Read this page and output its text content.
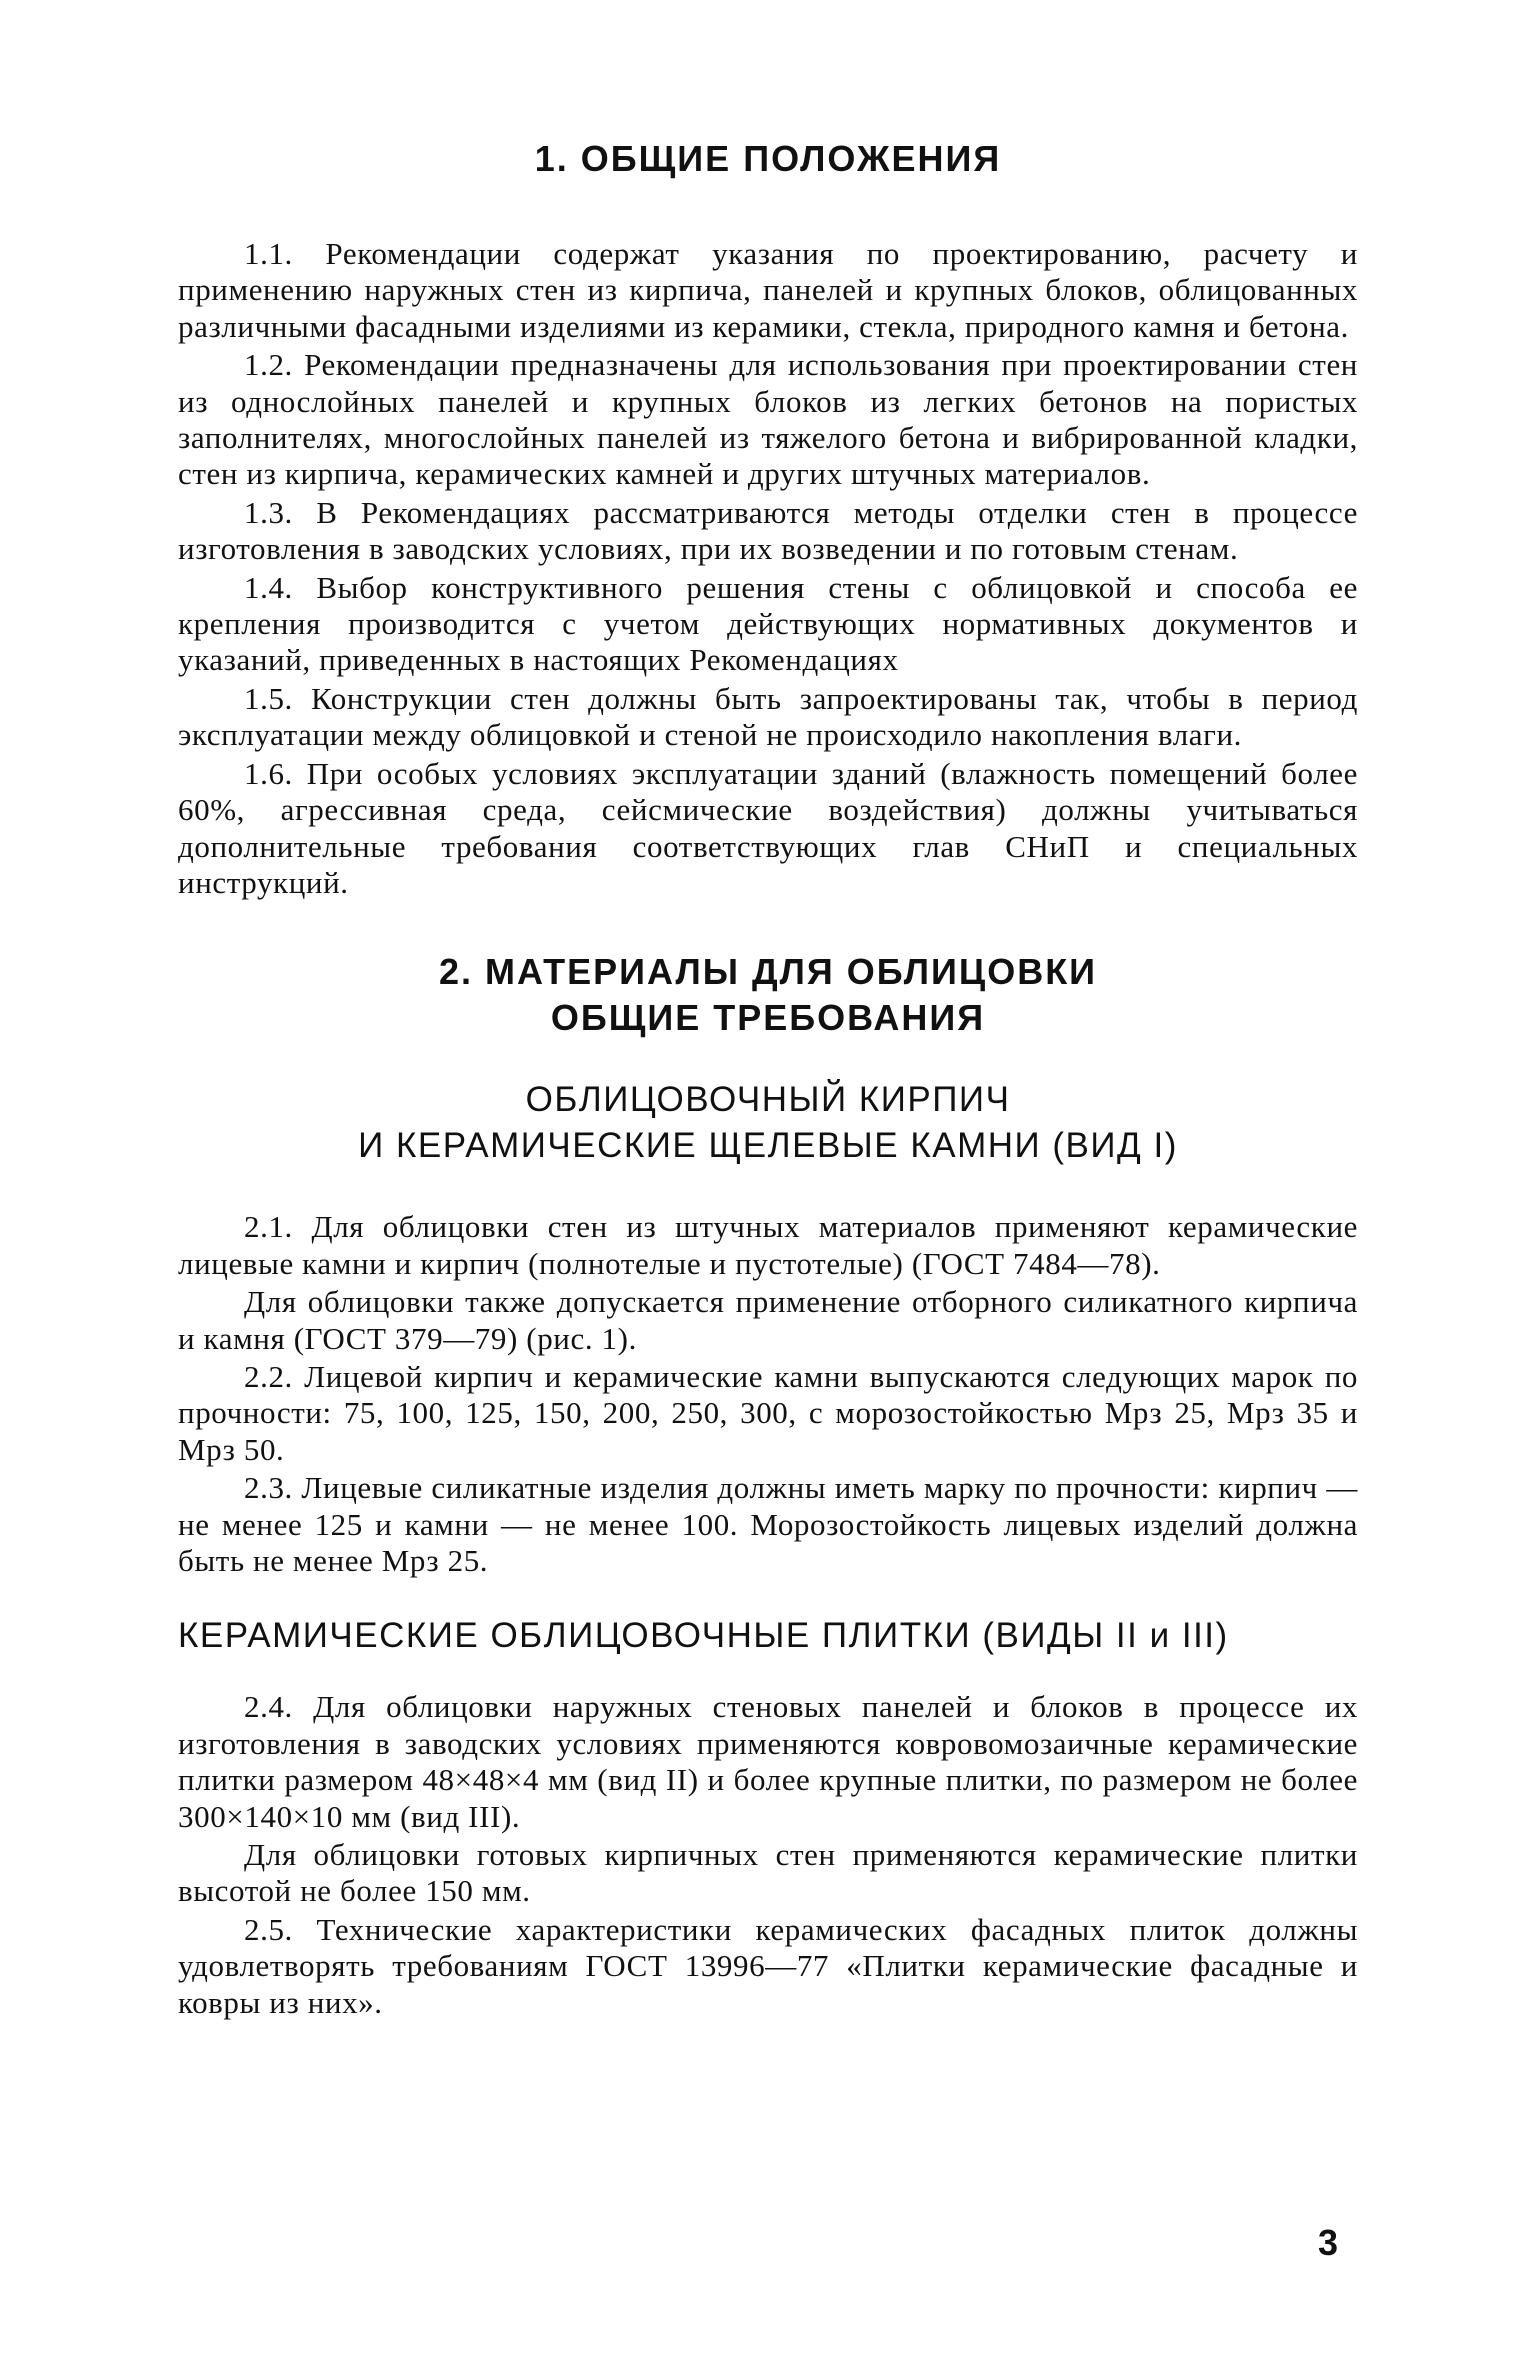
1. ОБЩИЕ ПОЛОЖЕНИЯ

1.1. Рекомендации содержат указания по проектированию, расчету и применению наружных стен из кирпича, панелей и крупных блоков, облицованных различными фасадными изделиями из керамики, стекла, природного камня и бетона.

1.2. Рекомендации предназначены для использования при проектировании стен из однослойных панелей и крупных блоков из легких бетонов на пористых заполнителях, многослойных панелей из тяжелого бетона и вибрированной кладки, стен из кирпича, керамических камней и других штучных материалов.

1.3. В Рекомендациях рассматриваются методы отделки стен в процессе изготовления в заводских условиях, при их возведении и по готовым стенам.

1.4. Выбор конструктивного решения стены с облицовкой и способа ее крепления производится с учетом действующих нормативных документов и указаний, приведенных в настоящих Рекомендациях

1.5. Конструкции стен должны быть запроектированы так, чтобы в период эксплуатации между облицовкой и стеной не происходило накопления влаги.

1.6. При особых условиях эксплуатации зданий (влажность помещений более 60%, агрессивная среда, сейсмические воздействия) должны учитываться дополнительные требования соответствующих глав СНиП и специальных инструкций.

2. МАТЕРИАЛЫ ДЛЯ ОБЛИЦОВКИ
ОБЩИЕ ТРЕБОВАНИЯ
ОБЛИЦОВОЧНЫЙ КИРПИЧ
И КЕРАМИЧЕСКИЕ ЩЕЛЕВЫЕ КАМНИ (ВИД I)

2.1. Для облицовки стен из штучных материалов применяют керамические лицевые камни и кирпич (полнотелые и пустотелые) (ГОСТ 7484—78).

Для облицовки также допускается применение отборного силикатного кирпича и камня (ГОСТ 379—79) (рис. 1).

2.2. Лицевой кирпич и керамические камни выпускаются следующих марок по прочности: 75, 100, 125, 150, 200, 250, 300, с морозостойкостью Мрз 25, Мрз 35 и Мрз 50.

2.3. Лицевые силикатные изделия должны иметь марку по прочности: кирпич — не менее 125 и камни — не менее 100. Морозостойкость лицевых изделий должна быть не менее Мрз 25.

КЕРАМИЧЕСКИЕ ОБЛИЦОВОЧНЫЕ ПЛИТКИ (ВИДЫ II и III)

2.4. Для облицовки наружных стеновых панелей и блоков в процессе их изготовления в заводских условиях применяются ковровомозаичные керамические плитки размером 48×48×4 мм (вид II) и более крупные плитки, по размером не более 300×140×10 мм (вид III).

Для облицовки готовых кирпичных стен применяются керамические плитки высотой не более 150 мм.

2.5. Технические характеристики керамических фасадных плиток должны удовлетворять требованиям ГОСТ 13996—77 «Плитки керамические фасадные и ковры из них».

3
